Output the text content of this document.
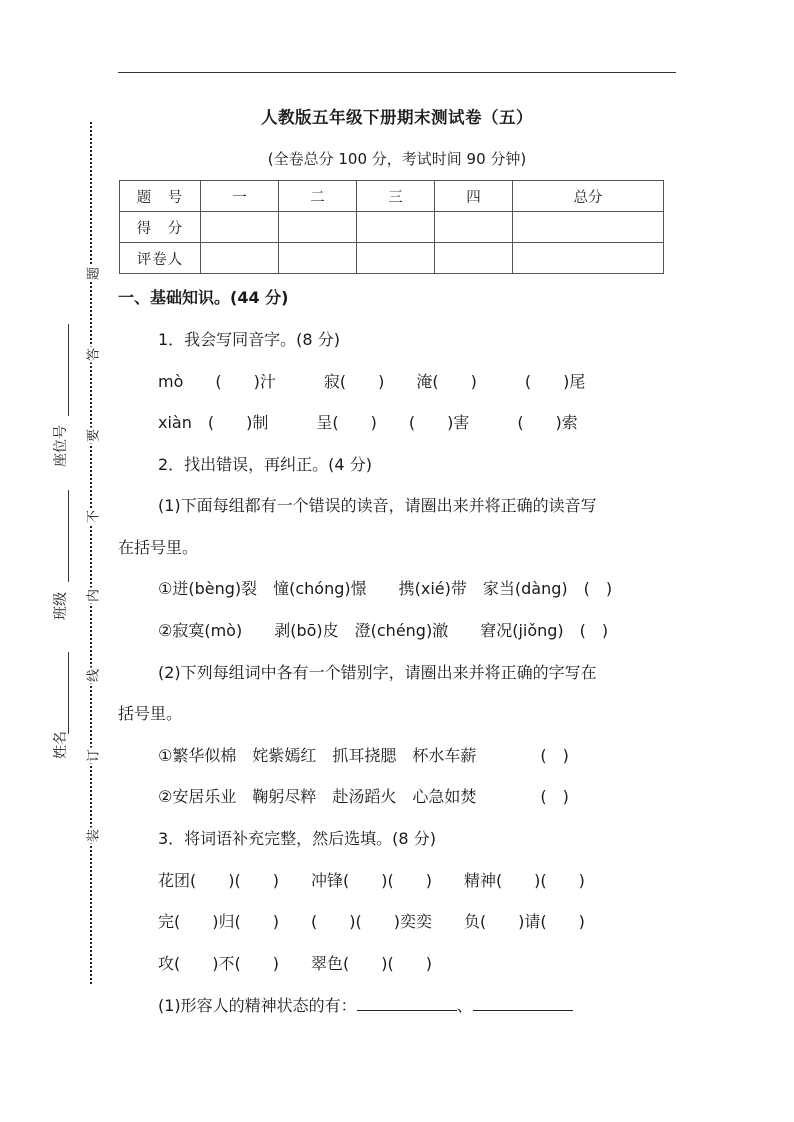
题
答
要
不
内
线
订
装
座位号
班级
姓名
人教版五年级下册期末测试卷（五）
(全卷总分 100 分，考试时间 90 分钟)
题　号	一	二	三	四	总分
得　分					
评卷人					
一、基础知识。(44 分)
1．我会写同音字。(8 分)
mò　　(　　)汁　　　寂(　　)　　淹(　　)　　　(　　)尾
xiàn　(　　)制　　　呈(　　)　　(　　)害　　　(　　)索
2．找出错误，再纠正。(4 分)
(1)下面每组都有一个错误的读音，请圈出来并将正确的读音写
在括号里。
①迸(bèng)裂　憧(chóng)憬　　携(xié)带　家当(dàng)　(　)
②寂寞(mò)　　剥(bō)皮　澄(chéng)澈　　窘况(jiǒng)　(　)
(2)下列每组词中各有一个错别字，请圈出来并将正确的字写在
括号里。
①繁华似棉　姹紫嫣红　抓耳挠腮　杯水车薪　　　　(　)
②安居乐业　鞠躬尽粹　赴汤蹈火　心急如焚　　　　(　)
3．将词语补充完整，然后选填。(8 分)
花团(　　)(　　)　　冲锋(　　)(　　)　　精神(　　)(　　)
完(　　)归(　　)　　(　　)(　　)奕奕　　负(　　)请(　　)
攻(　　)不(　　)　　翠色(　　)(　　)
(1)形容人的精神状态的有：	、
